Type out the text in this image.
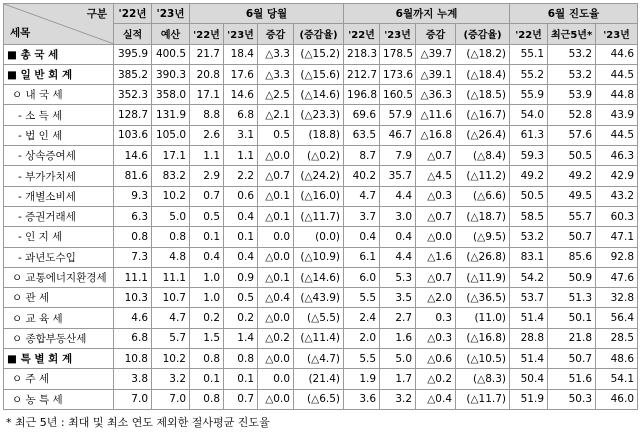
구분
세목	'22년	'23년	6월 당월				6월까지 누계				6월 진도율		
	실적	예산	'22년	'23년	증감	(증감율)	'22년	'23년	증감	(증감율)	'22년	최근5년*	'23년
■ 총 국 세	395.9	400.5	21.7	18.4	△3.3	(△15.2)	218.3	178.5	△39.7	(△18.2)	55.1	53.2	44.6
■ 일 반 회 계	385.2	390.3	20.8	17.6	△3.3	(△15.6)	212.7	173.6	△39.1	(△18.4)	55.2	53.2	44.5
ㅇ 내 국 세	352.3	358.0	17.1	14.6	△2.5	(△14.6)	196.8	160.5	△36.3	(△18.5)	55.9	53.9	44.8
- 소 득 세	128.7	131.9	8.8	6.8	△2.1	(△23.3)	69.6	57.9	△11.6	(△16.7)	54.0	52.8	43.9
- 법 인 세	103.6	105.0	2.6	3.1	0.5	(18.8)	63.5	46.7	△16.8	(△26.4)	61.3	57.6	44.5
- 상속증여세	14.6	17.1	1.1	1.1	△0.0	(△0.2)	8.7	7.9	△0.7	(△8.4)	59.3	50.5	46.3
- 부가가치세	81.6	83.2	2.9	2.2	△0.7	(△24.2)	40.2	35.7	△4.5	(△11.2)	49.2	49.2	42.9
- 개별소비세	9.3	10.2	0.7	0.6	△0.1	(△16.0)	4.7	4.4	△0.3	(△6.6)	50.5	49.5	43.2
- 증권거래세	6.3	5.0	0.5	0.4	△0.1	(△11.7)	3.7	3.0	△0.7	(△18.7)	58.5	55.7	60.3
- 인 지 세	0.8	0.8	0.1	0.1	0.0	(0.0)	0.4	0.4	△0.0	(△9.5)	53.2	50.7	47.1
- 과년도수입	7.3	4.8	0.4	0.4	△0.0	(△10.9)	6.1	4.4	△1.6	(△26.8)	83.1	85.6	92.8
ㅇ 교통에너지환경세	11.1	11.1	1.0	0.9	△0.1	(△14.6)	6.0	5.3	△0.7	(△11.9)	54.2	50.9	47.6
ㅇ 관 세	10.3	10.7	1.0	0.5	△0.4	(△43.9)	5.5	3.5	△2.0	(△36.5)	53.7	51.3	32.8
ㅇ 교 육 세	4.6	4.7	0.2	0.2	△0.0	(△5.5)	2.4	2.7	0.3	(11.0)	51.4	50.1	56.4
ㅇ 종합부동산세	6.8	5.7	1.5	1.4	△0.2	(△11.4)	2.0	1.6	△0.3	(△16.8)	28.8	21.8	28.5
■ 특 별 회 계	10.8	10.2	0.8	0.8	△0.0	(△4.7)	5.5	5.0	△0.6	(△10.5)	51.4	50.7	48.6
ㅇ 주 세	3.8	3.2	0.1	0.1	0.0	(21.4)	1.9	1.7	△0.2	(△8.3)	50.4	51.6	54.1
ㅇ 농 특 세	7.0	7.0	0.8	0.7	△0.0	(△6.5)	3.6	3.2	△0.4	(△11.7)	51.9	50.3	46.0
* 최근 5년 : 최대 및 최소 연도 제외한 절사평균 진도율
